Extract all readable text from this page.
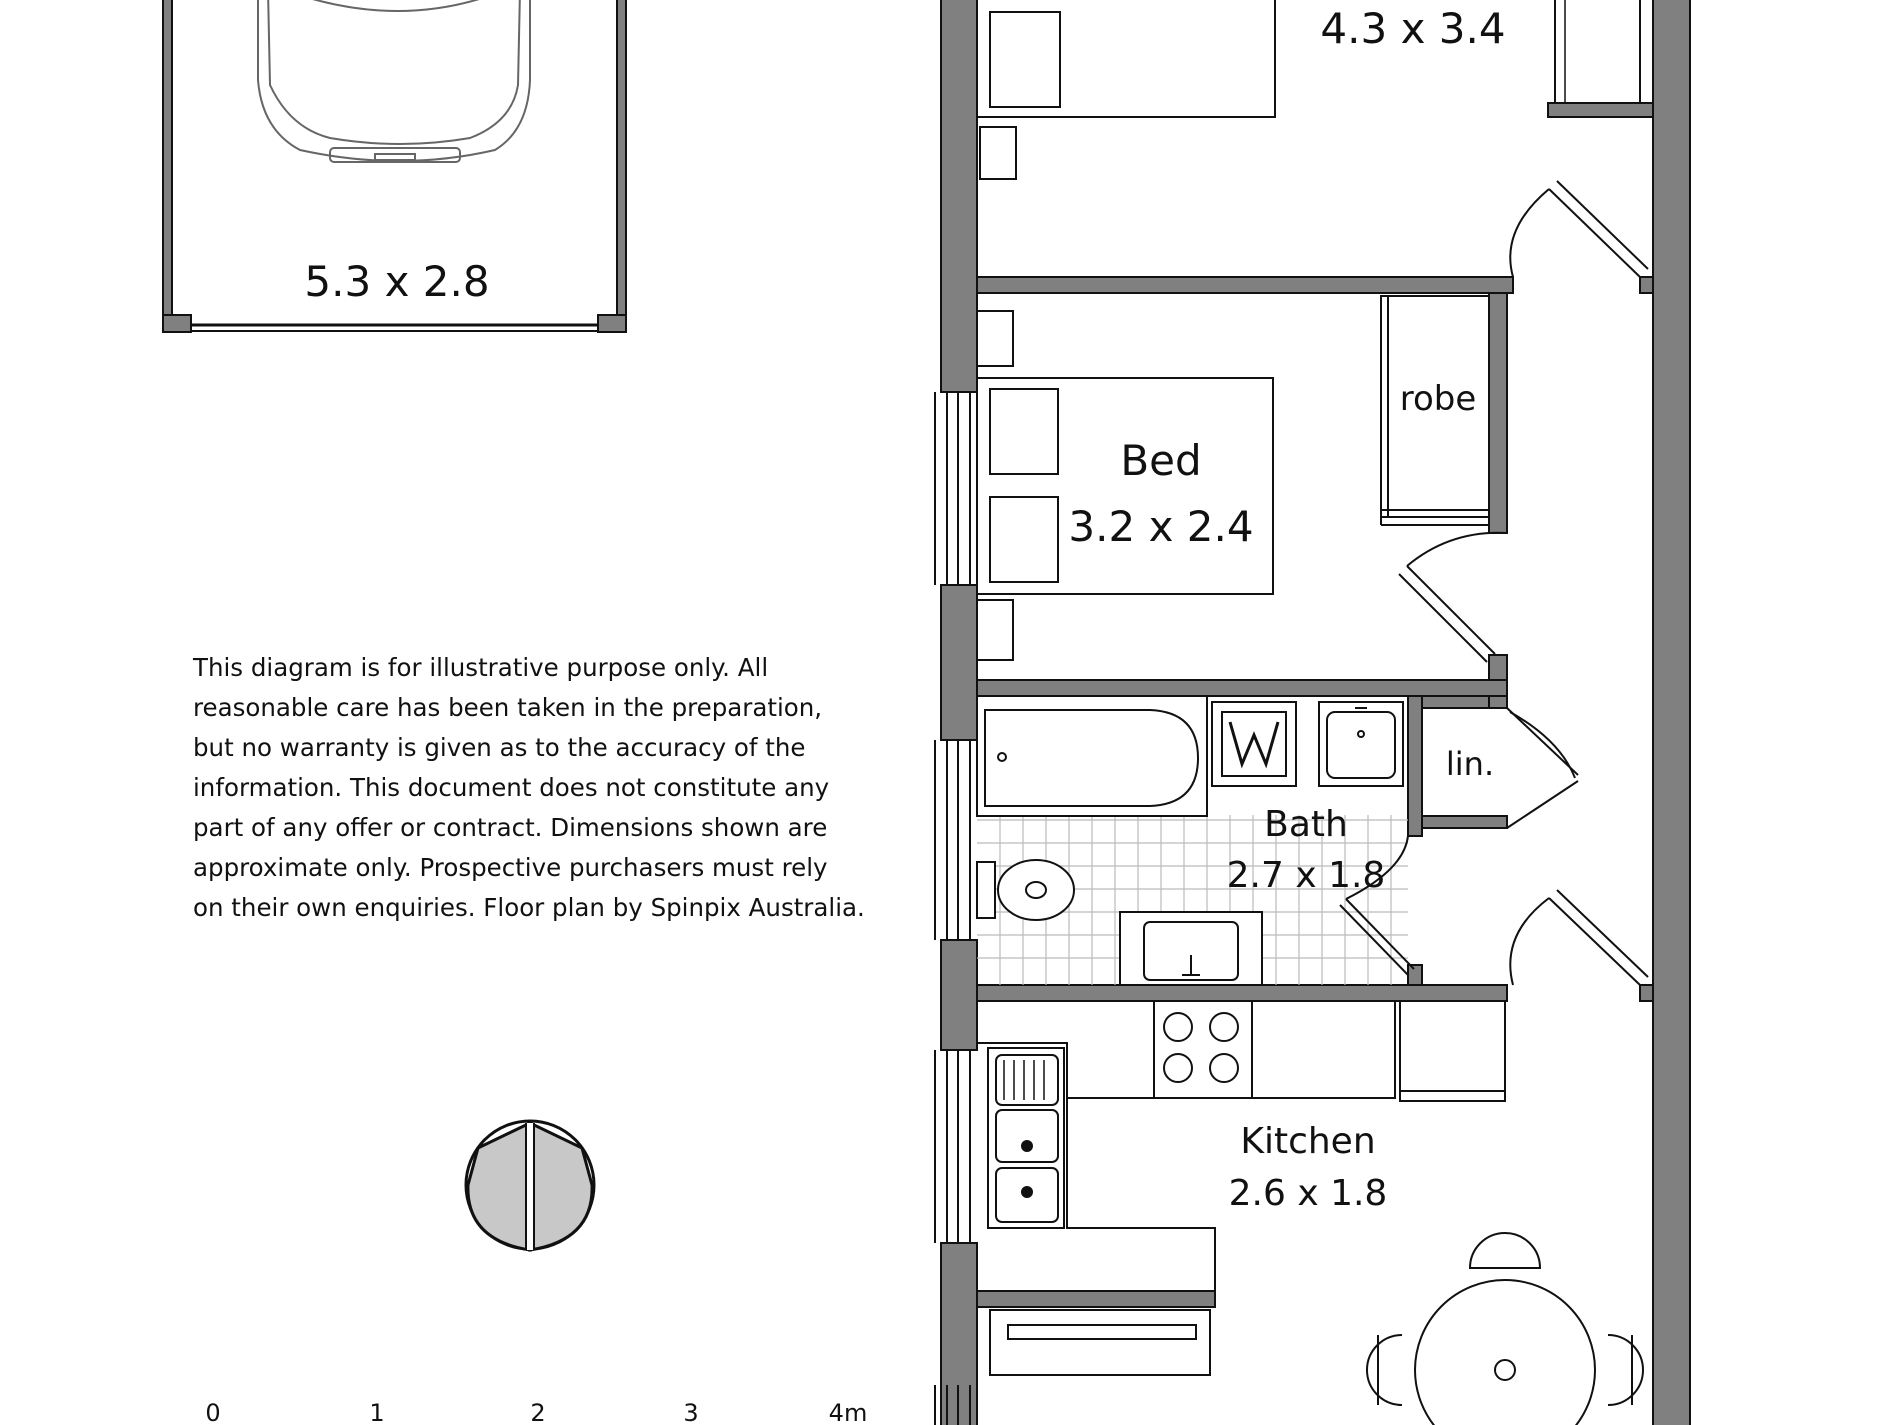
4.3 x 3.4
Bed
3.2 x 2.4
robe
Bath
2.7 x 1.8
lin.
Kitchen
2.6 x 1.8
0	1	2	3	4m
5.3 x 2.8
This diagram is for illustrative purpose only. All
reasonable care has been taken in the preparation,
but no warranty is given as to the accuracy of the
information. This document does not constitute any
part of any offer or contract. Dimensions shown are
approximate only. Prospective purchasers must rely
on their own enquiries. Floor plan by Spinpix Australia.
